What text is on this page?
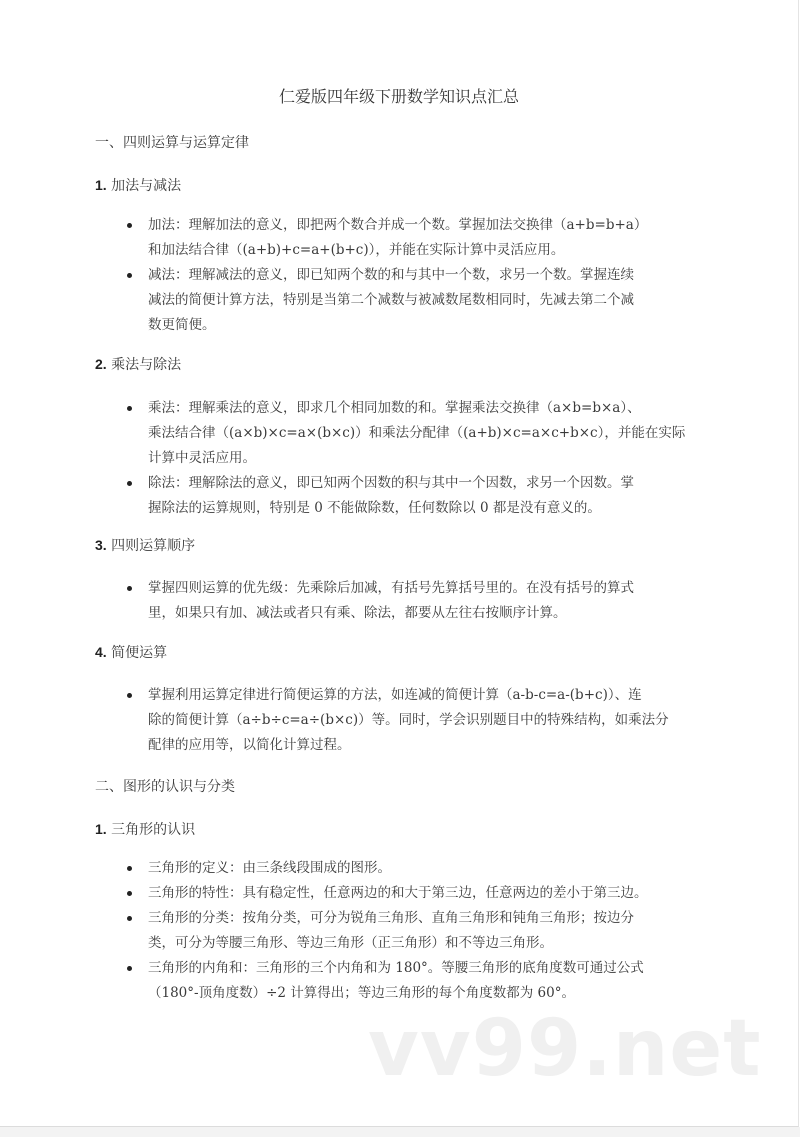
仁爱版四年级下册数学知识点汇总
一、四则运算与运算定律
1. 加法与减法
加法：理解加法的意义，即把两个数合并成一个数。掌握加法交换律（a+b=b+a）
和加法结合律（(a+b)+c=a+(b+c)），并能在实际计算中灵活应用。
减法：理解减法的意义，即已知两个数的和与其中一个数，求另一个数。掌握连续
减法的简便计算方法，特别是当第二个减数与被减数尾数相同时，先减去第二个减
数更简便。
2. 乘法与除法
乘法：理解乘法的意义，即求几个相同加数的和。掌握乘法交换律（a×b=b×a）、
乘法结合律（(a×b)×c=a×(b×c)）和乘法分配律（(a+b)×c=a×c+b×c），并能在实际
计算中灵活应用。
除法：理解除法的意义，即已知两个因数的积与其中一个因数，求另一个因数。掌
握除法的运算规则，特别是 0 不能做除数，任何数除以 0 都是没有意义的。
3. 四则运算顺序
掌握四则运算的优先级：先乘除后加减，有括号先算括号里的。在没有括号的算式
里，如果只有加、减法或者只有乘、除法，都要从左往右按顺序计算。
4. 简便运算
掌握利用运算定律进行简便运算的方法，如连减的简便计算（a-b-c=a-(b+c)）、连
除的简便计算（a÷b÷c=a÷(b×c)）等。同时，学会识别题目中的特殊结构，如乘法分
配律的应用等，以简化计算过程。
二、图形的认识与分类
1. 三角形的认识
三角形的定义：由三条线段围成的图形。
三角形的特性：具有稳定性，任意两边的和大于第三边，任意两边的差小于第三边。
三角形的分类：按角分类，可分为锐角三角形、直角三角形和钝角三角形；按边分
类，可分为等腰三角形、等边三角形（正三角形）和不等边三角形。
三角形的内角和：三角形的三个内角和为 180°。等腰三角形的底角度数可通过公式
（180°-顶角度数）÷2 计算得出；等边三角形的每个角度数都为 60°。
vv99.net
